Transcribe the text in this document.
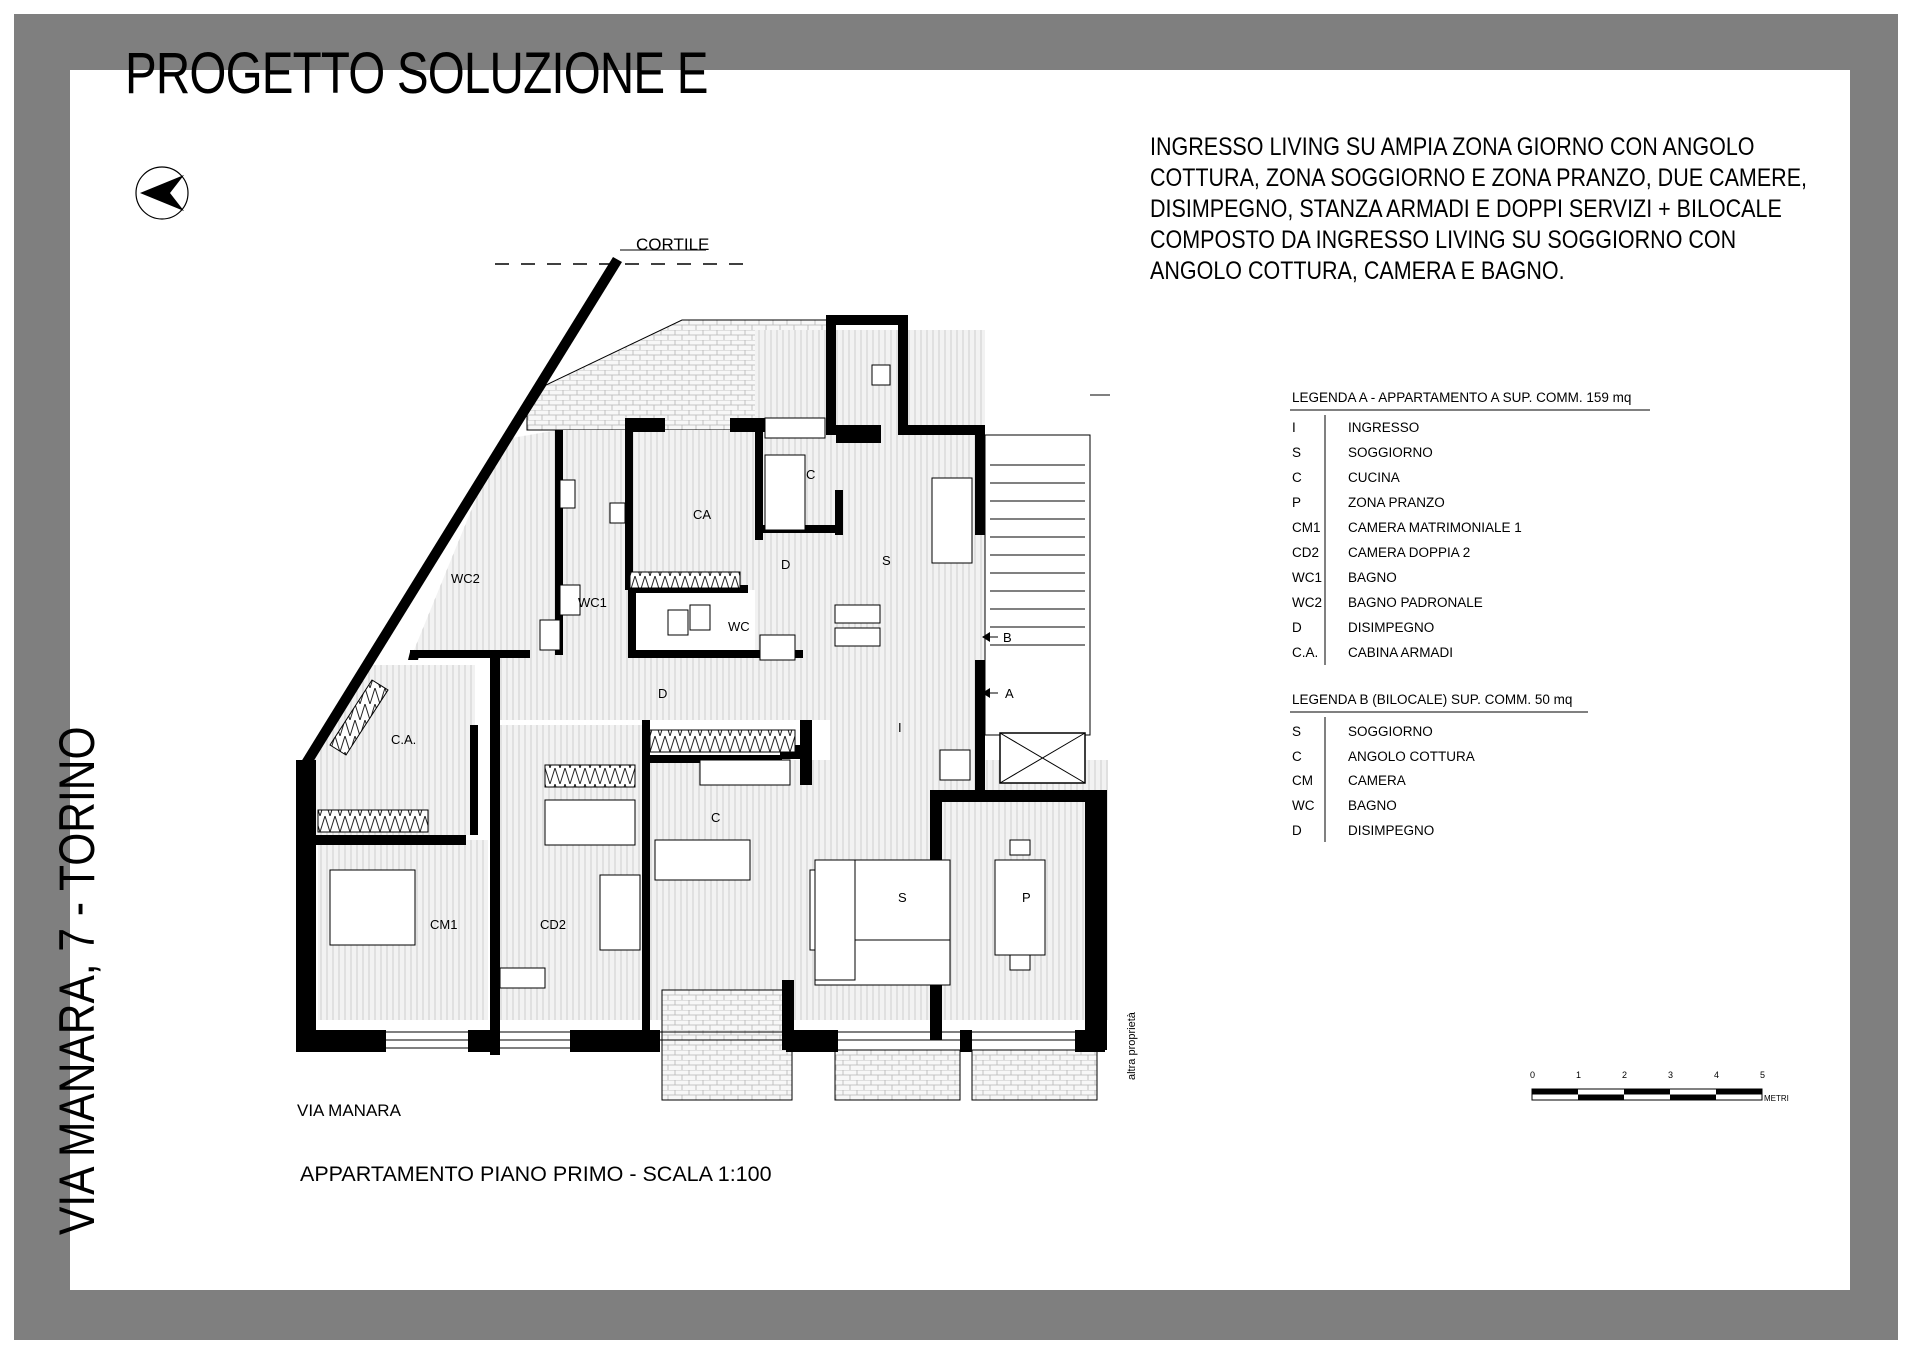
PROGETTO SOLUZIONE E
INGRESSO LIVING SU AMPIA ZONA GIORNO CON ANGOLO
COTTURA, ZONA SOGGIORNO E ZONA PRANZO, DUE CAMERE,
DISIMPEGNO, STANZA ARMADI E DOPPI SERVIZI + BILOCALE
COMPOSTO DA INGRESSO LIVING SU SOGGIORNO CON
ANGOLO COTTURA, CAMERA E BAGNO.
VIA MANARA, 7 - TORINO
CORTILE
VIA MANARA
APPARTAMENTO PIANO PRIMO - SCALA 1:100
altra proprietà
B
A
WC2
WC1
CA
C
S
D
WC
D
I
C.A.
C
CM1	CD2
S	P
LEGENDA A - APPARTAMENTO A SUP. COMM. 159 mq
I	INGRESSO
S	SOGGIORNO
C	CUCINA
P	ZONA PRANZO
CM1 CAMERA MATRIMONIALE 1
CD2 CAMERA DOPPIA 2
WC1 BAGNO
WC2 BAGNO PADRONALE
D	DISIMPEGNO
C.A. CABINA ARMADI
LEGENDA B (BILOCALE) SUP. COMM. 50 mq
S	SOGGIORNO
C	ANGOLO COTTURA
CM	CAMERA
WC BAGNO
D	DISIMPEGNO
0	1	2	3	4	5
METRI
